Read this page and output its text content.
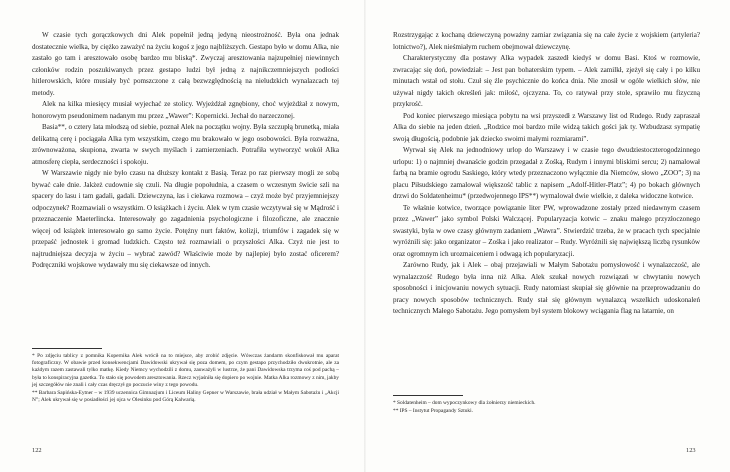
W czasie tych gorączkowych dni Alek popełnił jedną jedyną nieostrożność. Była ona jednak dostatecznie wielka, by ciężko zaważyć na życiu kogoś z jego najbliższych. Gestapo było w domu Alka, nie zastało go tam i aresztowało osobę bardzo mu bliską*. Zwyczaj aresztowania najzupełniej niewinnych członków rodzin poszukiwanych przez gestapo ludzi był jedną z najnikczemniejszych podłości hitlerowskich, które musiały być pomszczone z całą bezwzględnością na nieludzkich wynalazcach tej metody.

Alek na kilka miesięcy musiał wyjechać ze stolicy. Wyjeżdżał zgnębiony, choć wyjeżdżał z nowym, honorowym pseudonimem nadanym mu przez „Wawer”: Kopernicki. Jechał do narzeczonej.

Basia**, o cztery lata młodszą od siebie, poznał Alek na początku wojny. Była szczupłą brunetką, miała delikatną cerę i pociągała Alka tym wszystkim, czego mu brakowało w jego osobowości. Była rozważna, zrównoważona, skupiona, zwarta w swych myślach i zamierzeniach. Potrafiła wytworzyć wokół Alka atmosferę ciepła, serdeczności i spokoju.

W Warszawie nigdy nie było czasu na dłuższy kontakt z Basią. Teraz po raz pierwszy mogli ze sobą bywać całe dnie. Jakżeż cudownie się czuli. Na długie popołudnia, a czasem o wczesnym świcie szli na spacery do lasu i tam gadali, gadali. Dziewczyna, łas i ciekawa rozmowa – czyż może być przyjemniejszy odpoczynek? Rozmawiali o wszystkim. O książkach i życiu. Alek w tym czasie wczytywał się w Mądrość i przeznaczenie Maeterlincka. Interesowały go zagadnienia psychologiczne i filozoficzne, ale znacznie więcej od książek interesowało go samo życie. Potężny nurt faktów, kolizji, triumfów i zagadek się w przepaść jednostek i gromad ludzkich. Często też rozmawiali o przyszłości Alka. Czyż nie jest to najtrudniejsza decyzja w życiu – wybrać zawód? Właściwie może by najlepiej było zostać oficerem? Podręczniki wojskowe wydawały mu się ciekawsze od innych.

* Po zdjęciu tablicy z pomnika Kopernika Alek wrócił na to miejsce, aby zrobić zdjęcie. Wówczas żandarm skonfiskował mu aparat fotograficzny. W obawie przed konsekwencjami Dawidowski ukrywał się poza domem, po czym gestapo przychodziło dwukrotnie, ale za każdym razem zastawali tylko matkę. Kiedy Niemcy wychodzili z domu, zauważyli w lustrze, że pani Dawidowska trzyma coś pod pachą – była to konspiracyjna gazetka. To stało się powodem aresztowania. Rzecz wyjaśniła się dopiero po wojnie. Matka Alka rozmowy z nim, jakby jej szczegółów nie znali i cały czas dręczył go poczucie winy z tego powodu.

** Barbara Sapińska-Eytner – w 1939 uczennica Gimnazjum i Liceum Haliny Gepner w Warszawie, brała udział w Małym Sabotażu i „Akcji N”; Alek ukrywał się w posiadłości jej ojca w Olesinku pod Górą Kalwarią.

122

Rozstrzygając z kochaną dziewczyną poważny zamiar związania się na całe życie z wojskiem (artyleria? lotnictwo?), Alek nieśmiałym ruchem obejmował dziewczynę.

Charakterystyczny dla postawy Alka wypadek zaszedł kiedyś w domu Basi. Ktoś w rozmowie, zwracając się doń, powiedział: – Jest pan bohaterskim typem. – Alek zamilkł, zjeżył się cały i po kilku minutach wstał od stołu. Czuł się źle psychicznie do końca dnia. Nie znosił w ogóle wielkich słów, nie używał nigdy takich określeń jak: miłość, ojczyzna. To, co ratywał przy stole, sprawiło mu fizyczną przykrość.

Pod koniec pierwszego miesiąca pobytu na wsi przyszedł z Warszawy list od Rudego. Rudy zapraszał Alka do siebie na jeden dzień. „Rodzice moi bardzo mile widzą takich gości jak ty. Wzbudzasz sympatię swoją długością, podobnie jak dziecko swoimi małymi rozmiarami”.

Wyrwał się Alek na jednodniowy urlop do Warszawy i w czasie tego dwudziestoczterogodzinnego urlopu: 1) o najmniej dwanaście godzin przegadał z Zośką, Rudym i innymi bliskimi sercu; 2) namalował farbą na bramie ogrodu Saskiego, który wtedy przeznaczono wyłącznie dla Niemców, słowo „ZOO”; 3) na placu Piłsudskiego zamalował większość tablic z napisem „Adolf-Hitler-Platz”; 4) po bokach głównych drzwi do Soldatenheimu* (przedwojennego IPS**) wymalował dwie wielkie, z daleka widoczne kotwice.

Te właśnie kotwice, tworzące powiązanie liter PW, wprowadzone zostały przed niedawnym czasem przez „Wawer” jako symbol Polski Walczącej. Popularyzacja kotwic – znaku małego przyzłoczonego swastyki, była w owe czasy głównym zadaniem „Wawra”. Stwierdzić trzeba, że w pracach tych specjalnie wyróżnili się: jako organizator – Zośka i jako realizator – Rudy. Wyróżnili się największą liczbą rysunków oraz ogromnym ich urozmaiceniem i odwagą ich popularyzacji.

Zarówno Rudy, jak i Alek – obaj przejawiali w Małym Sabotażu pomysłowość i wynalazczość, ale wynalazczość Rudego była inna niż Alka. Alek szukał nowych rozwiązań w chwytaniu nowych sposobności i inicjowaniu nowych sytuacji. Rudy natomiast skupiał się głównie na przeprowadzaniu do pracy nowych sposobów technicznych. Rudy stał się głównym wynalazcą wszelkich udoskonaleń technicznych Małego Sabotażu. Jego pomysłem był system blokowy wciągania flag na latarnie, on

* Soldatenheim – dom wypoczynkowy dla żołnierzy niemieckich.

** IPS – Instytut Propagandy Sztuki.

123
